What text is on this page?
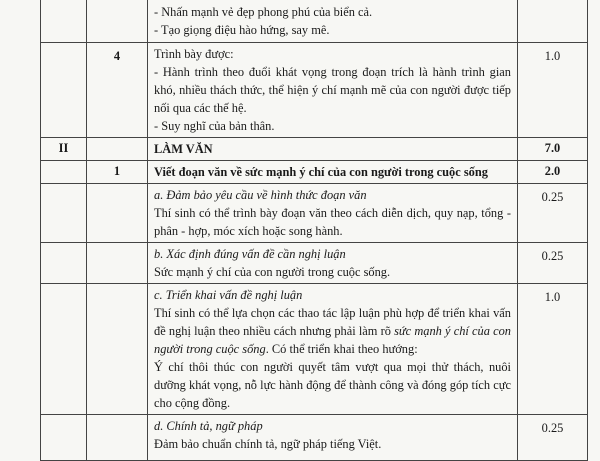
		- Nhấn mạnh vẻ đẹp phong phú của biển cả.
- Tạo giọng điệu hào hứng, say mê.	

	4	Trình bày được:
- Hành trình theo đuổi khát vọng trong đoạn trích là hành trình gian khó, nhiều thách thức, thể hiện ý chí mạnh mẽ của con người được tiếp nối qua các thế hệ.
- Suy nghĩ của bản thân.	1.0
II		LÀM VĂN	7.0
	1	Viết đoạn văn về sức mạnh ý chí của con người trong cuộc sống	2.0

		a. Đảm bảo yêu cầu về hình thức đoạn văn
Thí sinh có thể trình bày đoạn văn theo cách diễn dịch, quy nạp, tổng - phân - hợp, móc xích hoặc song hành.	0.25

		b. Xác định đúng vấn đề cần nghị luận
Sức mạnh ý chí của con người trong cuộc sống.	0.25

		c. Triển khai vấn đề nghị luận
Thí sinh có thể lựa chọn các thao tác lập luận phù hợp để triển khai vấn đề nghị luận theo nhiều cách nhưng phải làm rõ sức mạnh ý chí của con người trong cuộc sống. Có thể triển khai theo hướng:
Ý chí thôi thúc con người quyết tâm vượt qua mọi thử thách, nuôi dưỡng khát vọng, nỗ lực hành động để thành công và đóng góp tích cực cho cộng đồng.	1.0

		d. Chính tả, ngữ pháp
Đảm bảo chuẩn chính tả, ngữ pháp tiếng Việt.	0.25
